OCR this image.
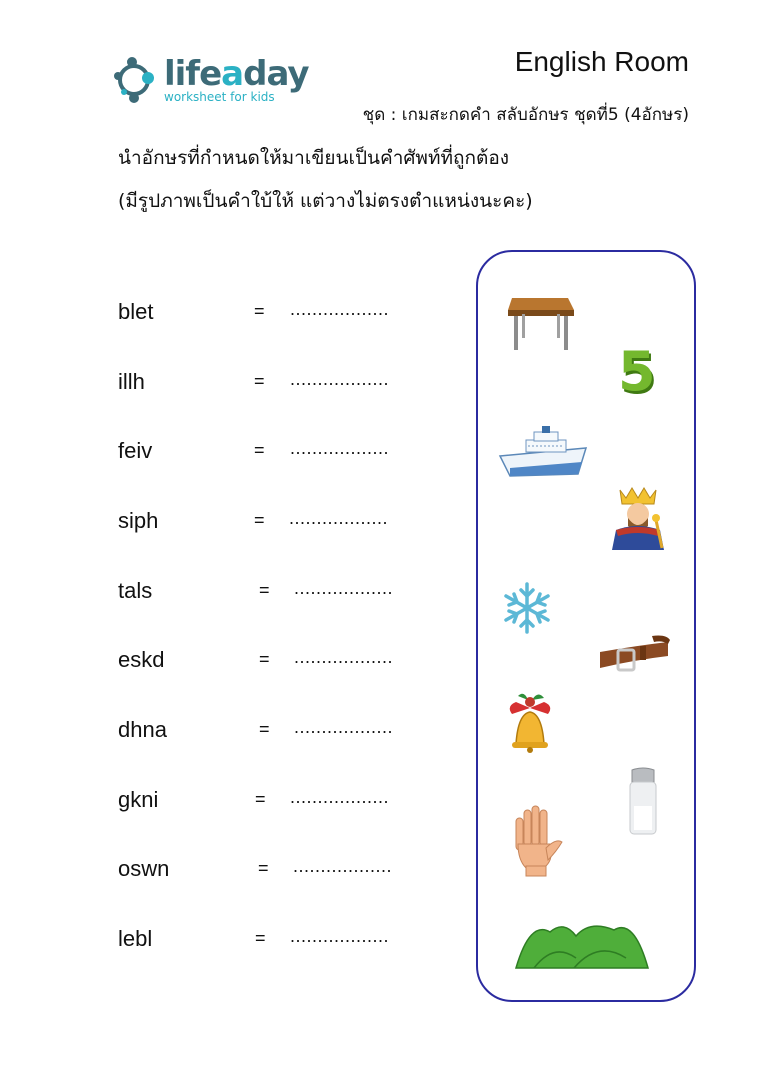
lifeaday
worksheet for kids
English Room
ชุด : เกมสะกดคำ สลับอักษร ชุดที่5 (4อักษร)
นำอักษรที่กำหนดให้มาเขียนเป็นคำศัพท์ที่ถูกต้อง
(มีรูปภาพเป็นคำใบ้ให้ แต่วางไม่ตรงตำแหน่งนะคะ)
blet	= ..................
illh	= ..................
feiv	= ..................
siph	= ..................
tals	= ..................
eskd	= ..................
dhna	= ..................
gkni	= ..................
oswn	= ..................
lebl	= ..................
5
